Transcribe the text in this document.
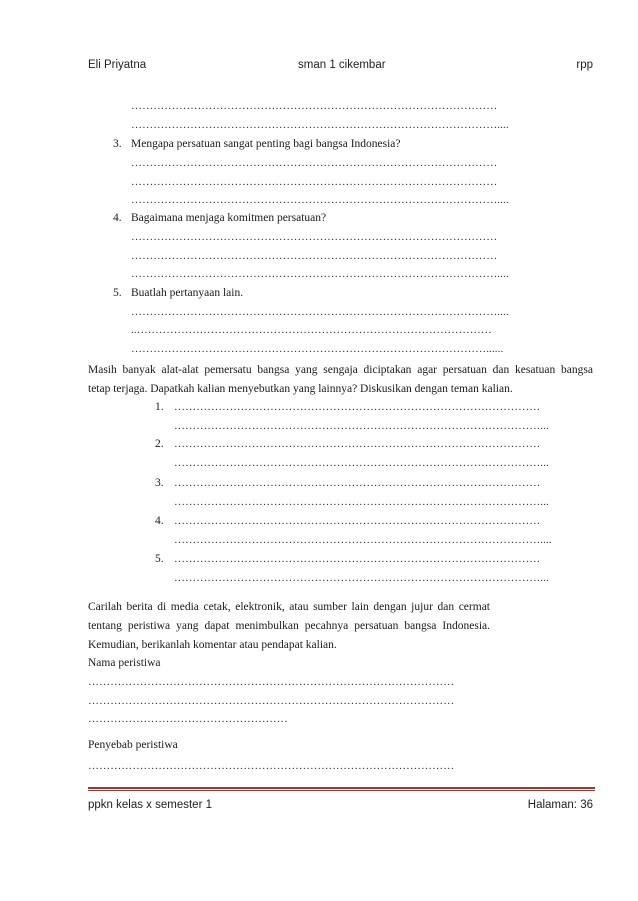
Eli Priyatna	sman 1 cikembar	rpp
………………………………………………………………………………………
………………………………………………………………………………………....
3. Mengapa persatuan sangat penting bagi bangsa Indonesia?
………………………………………………………………………………………
………………………………………………………………………………………
………………………………………………………………………………………....
4. Bagaimana menjaga komitmen persatuan?
………………………………………………………………………………………
………………………………………………………………………………………
………………………………………………………………………………………....
5. Buatlah pertanyaan lain.
………………………………………………………………………………………....
..……………………………………………………………………………………
……………………………………………………………………………………......
Masih banyak alat-alat pemersatu bangsa yang sengaja diciptakan agar persatuan dan kesatuan bangsa
tetap terjaga. Dapatkah kalian menyebutkan yang lainnya? Diskusikan dengan teman kalian.
1. ………………………………………………………………………………………
………………………………………………………………………………………...
2. ………………………………………………………………………………………
………………………………………………………………………………………...
3. ………………………………………………………………………………………
………………………………………………………………………………………...
4. ………………………………………………………………………………………
………………………………………………………………………………………....
5. ………………………………………………………………………………………
………………………………………………………………………………………...
Carilah berita di media cetak, elektronik, atau sumber lain dengan jujur dan cermat
tentang peristiwa yang dapat menimbulkan pecahnya persatuan bangsa Indonesia.
Kemudian, berikanlah komentar atau pendapat kalian.
Nama peristiwa
………………………………………………………………………………………
………………………………………………………………………………………
………………………………………………
Penyebab peristiwa
………………………………………………………………………………………
ppkn kelas x semester 1	Halaman: 36
